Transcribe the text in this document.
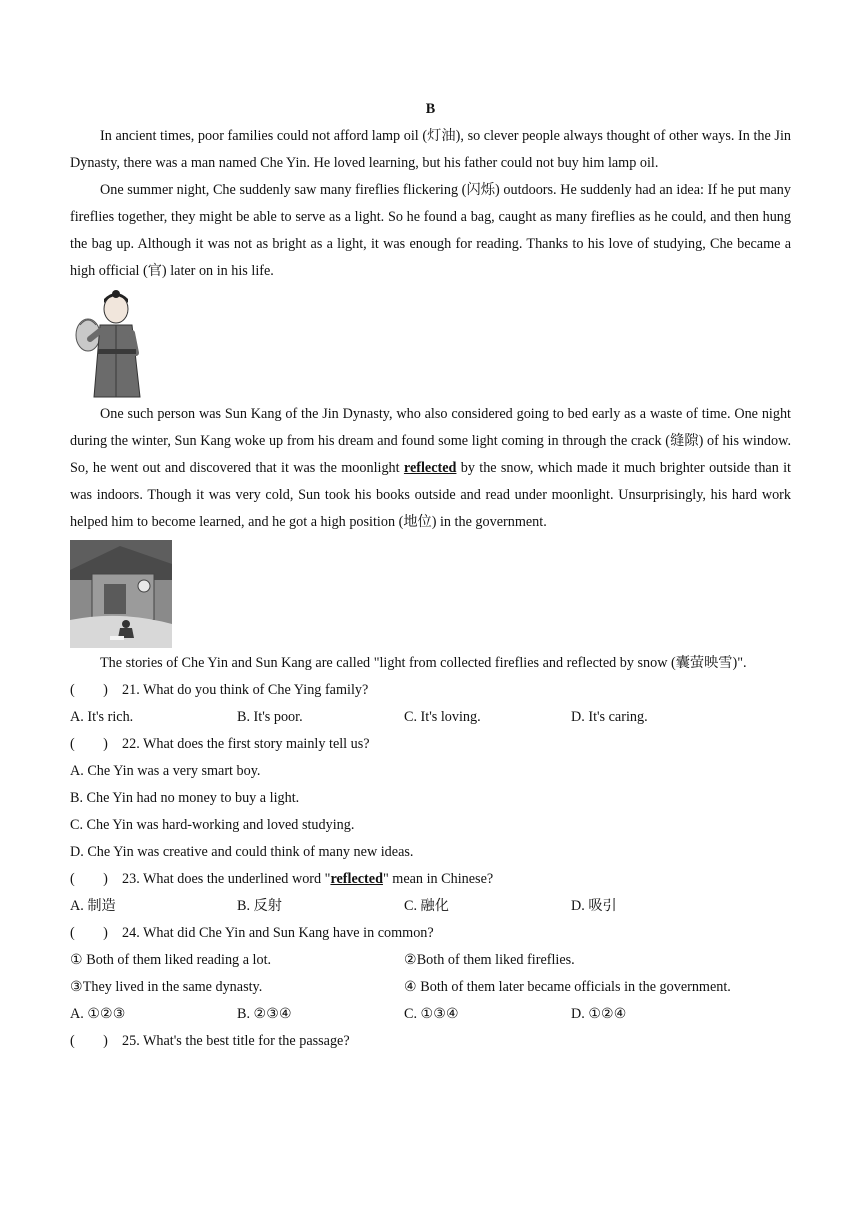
B

In ancient times, poor families could not afford lamp oil (灯油), so clever people always thought of other ways. In the Jin Dynasty, there was a man named Che Yin. He loved learning, but his father could not buy him lamp oil.

One summer night, Che suddenly saw many fireflies flickering (闪烁) outdoors. He suddenly had an idea: If he put many fireflies together, they might be able to serve as a light. So he found a bag, caught as many fireflies as he could, and then hung the bag up. Although it was not as bright as a light, it was enough for reading. Thanks to his love of studying, Che became a high official (官) later on in his life.

One such person was Sun Kang of the Jin Dynasty, who also considered going to bed early as a waste of time. One night during the winter, Sun Kang woke up from his dream and found some light coming in through the crack (缝隙) of his window. So, he went out and discovered that it was the moonlight reflected by the snow, which made it much brighter outside than it was indoors. Though it was very cold, Sun took his books outside and read under moonlight. Unsurprisingly, his hard work helped him to become learned, and he got a high position (地位) in the government.

The stories of Che Yin and Sun Kang are called "light from collected fireflies and reflected by snow (囊萤映雪)".

(　　) 21. What do you think of Che Ying family?
A. It's rich.	B. It's poor.	C. It's loving.	D. It's caring.
(　　) 22. What does the first story mainly tell us?
A. Che Yin was a very smart boy.
B. Che Yin had no money to buy a light.
C. Che Yin was hard-working and loved studying.
D. Che Yin was creative and could think of many new ideas.
(　　) 23. What does the underlined word "reflected" mean in Chinese?
A. 制造	B. 反射	C. 融化	D. 吸引
(　　) 24. What did Che Yin and Sun Kang have in common?
① Both of them liked reading a lot.	②Both of them liked fireflies.
③They lived in the same dynasty.	④ Both of them later became officials in the government.
A. ①②③	B. ②③④	C. ①③④	D. ①②④
(　　) 25. What's the best title for the passage?
